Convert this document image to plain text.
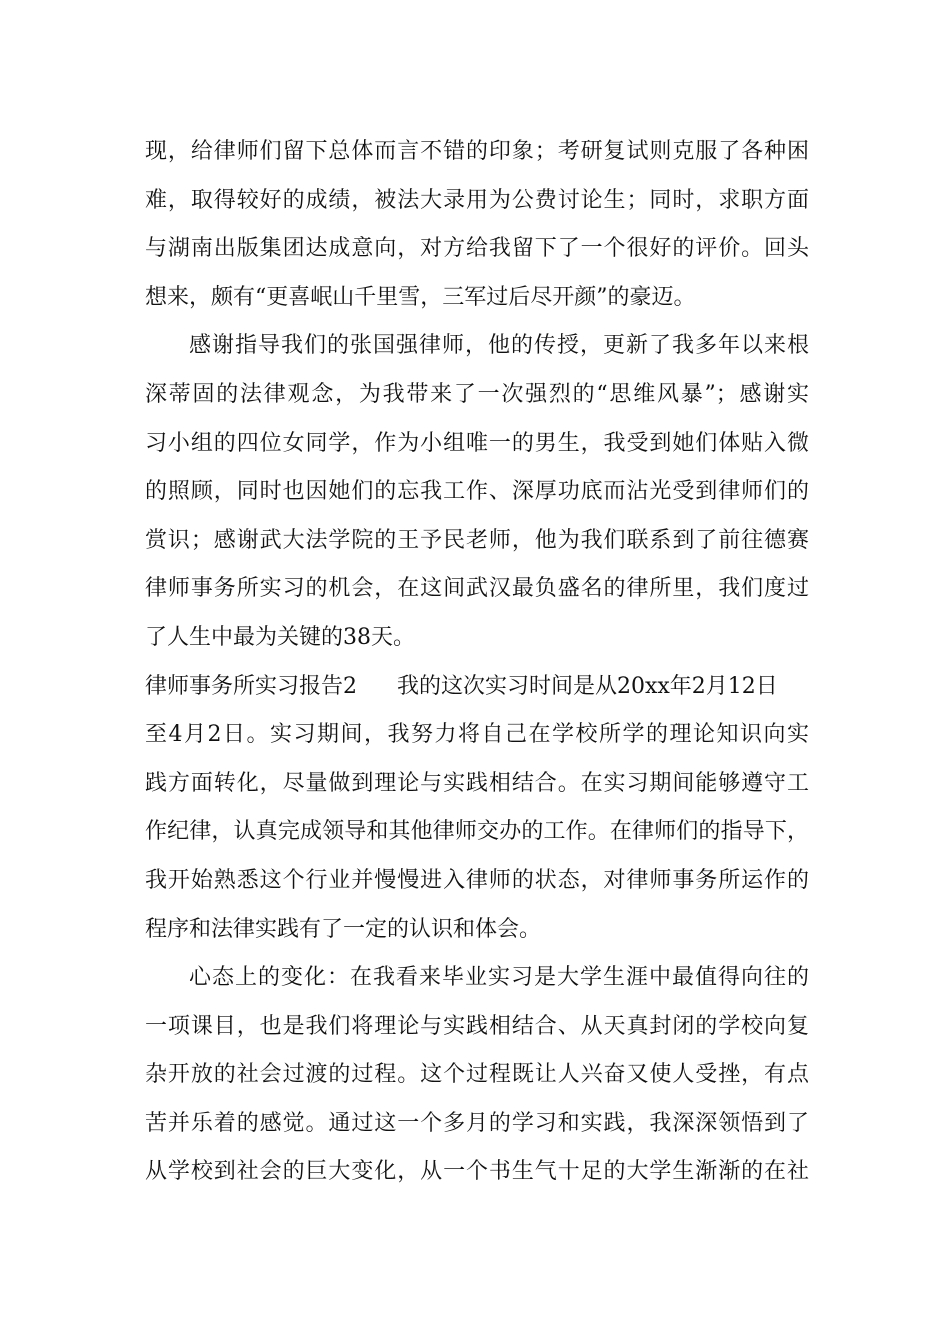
现，给律师们留下总体而言不错的印象；考研复试则克服了各种困
难，取得较好的成绩，被法大录用为公费讨论生；同时，求职方面
与湖南出版集团达成意向，对方给我留下了一个很好的评价。回头
想来，颇有“更喜岷山千里雪，三军过后尽开颜”的豪迈。
感谢指导我们的张国强律师，他的传授，更新了我多年以来根
深蒂固的法律观念，为我带来了一次强烈的“思维风暴”；感谢实
习小组的四位女同学，作为小组唯一的男生，我受到她们体贴入微
的照顾，同时也因她们的忘我工作、深厚功底而沾光受到律师们的
赏识；感谢武大法学院的王予民老师，他为我们联系到了前往德赛
律师事务所实习的机会，在这间武汉最负盛名的律所里，我们度过
了人生中最为关键的38天。
律师事务所实习报告2 我的这次实习时间是从20xx年2月12日
至4月2日。实习期间，我努力将自己在学校所学的理论知识向实
践方面转化，尽量做到理论与实践相结合。在实习期间能够遵守工
作纪律，认真完成领导和其他律师交办的工作。在律师们的指导下，
我开始熟悉这个行业并慢慢进入律师的状态，对律师事务所运作的
程序和法律实践有了一定的认识和体会。
心态上的变化：在我看来毕业实习是大学生涯中最值得向往的
一项课目，也是我们将理论与实践相结合、从天真封闭的学校向复
杂开放的社会过渡的过程。这个过程既让人兴奋又使人受挫，有点
苦并乐着的感觉。通过这一个多月的学习和实践，我深深领悟到了
从学校到社会的巨大变化，从一个书生气十足的大学生渐渐的在社
